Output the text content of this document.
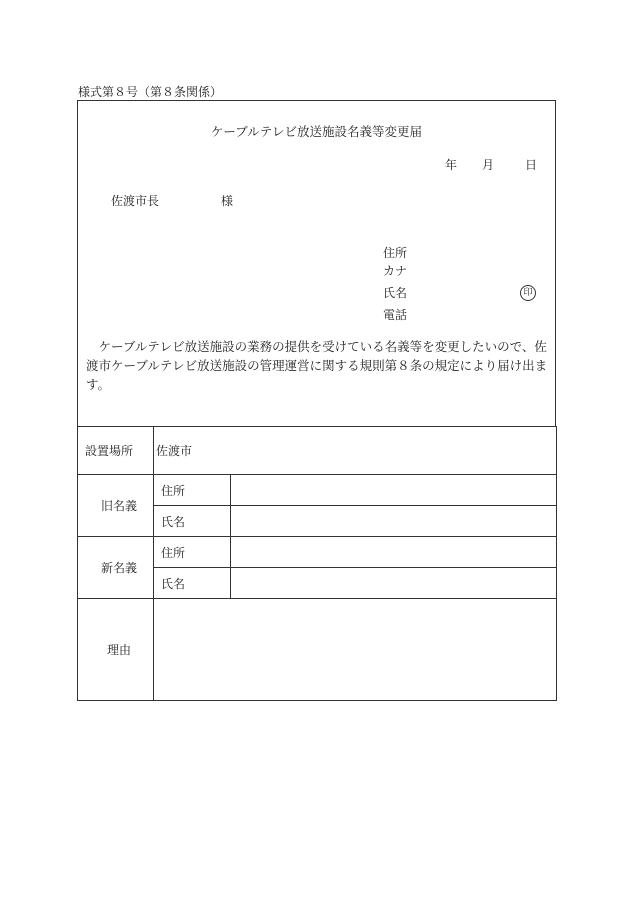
様式第８号（第８条関係）
ケーブルテレビ放送施設名義等変更届
年 月	日
佐渡市長	様
住所
カナ
氏名	印
電話
　ケーブルテレビ放送施設の業務の提供を受けている名義等を変更したいので、佐渡市ケーブルテレビ放送施設の管理運営に関する規則第８条の規定により届け出ます。
設置場所	佐渡市	
旧名義	住所	
	氏名	
新名義	住所	
	氏名	
理由		
